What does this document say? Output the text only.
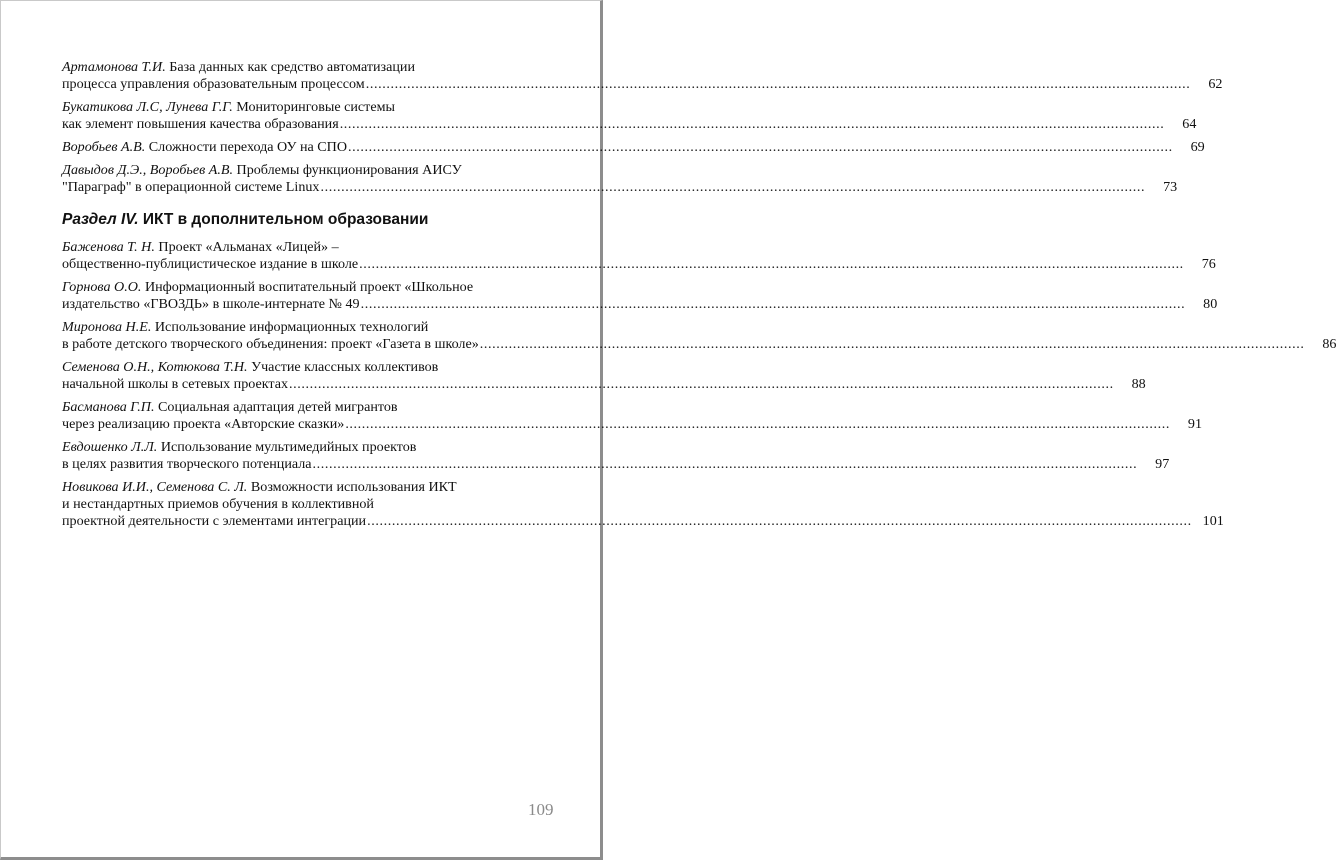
Артамонова Т.И. База данных как средство автоматизации
процесса управления образовательным процессом ........................................................................................................................................................................................................	62
Букатикова Л.С, Лунева Г.Г. Мониторинговые системы
как элемент повышения качества образования ........................................................................................................................................................................................................	64
Воробьев А.В. Сложности перехода ОУ на СПО ........................................................................................................................................................................................................	69
Давыдов Д.Э., Воробьев А.В. Проблемы функционирования АИСУ
"Параграф" в операционной системе Linux ........................................................................................................................................................................................................	73
Раздел IV. ИКТ в дополнительном образовании
Баженова Т. Н. Проект «Альманах «Лицей» –
общественно-публицистическое издание в школе ........................................................................................................................................................................................................	76
Горнова О.О. Информационный воспитательный проект «Школьное
издательство «ГВОЗДЬ» в школе-интернате № 49 ........................................................................................................................................................................................................	80
Миронова Н.Е. Использование информационных технологий
в работе детского творческого объединения: проект «Газета в школе» ........................................................................................................................................................................................................	86
Семенова О.Н., Котюкова Т.Н. Участие классных коллективов
начальной школы в сетевых проектах ........................................................................................................................................................................................................	88
Басманова Г.П. Социальная адаптация детей мигрантов
через реализацию проекта «Авторские сказки» ........................................................................................................................................................................................................	91
Евдошенко Л.Л. Использование мультимедийных проектов
в целях развития творческого потенциала ........................................................................................................................................................................................................	97
Новикова И.И., Семенова С. Л. Возможности использования ИКТ
и нестандартных приемов обучения в коллективной
проектной деятельности с элементами интеграции ........................................................................................................................................................................................................ 101
109
